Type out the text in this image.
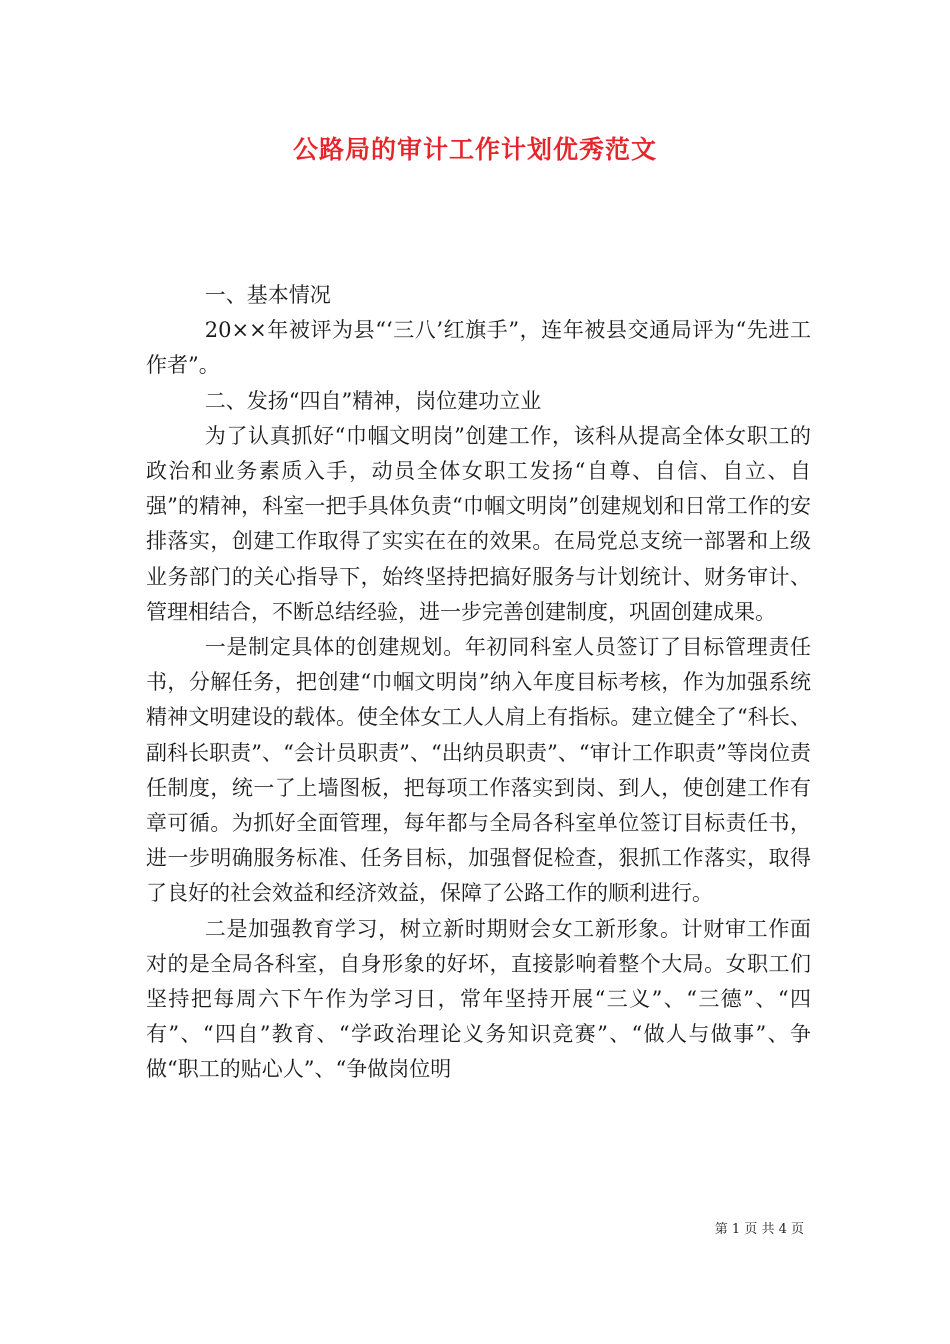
公路局的审计工作计划优秀范文

一、基本情况

20××年被评为县“‘三八’红旗手”，连年被县交通局评为“先进工作者”。

二、发扬“四自”精神，岗位建功立业

为了认真抓好“巾帼文明岗”创建工作，该科从提高全体女职工的政治和业务素质入手，动员全体女职工发扬“自尊、自信、自立、自强”的精神，科室一把手具体负责“巾帼文明岗”创建规划和日常工作的安排落实，创建工作取得了实实在在的效果。在局党总支统一部署和上级业务部门的关心指导下，始终坚持把搞好服务与计划统计、财务审计、管理相结合，不断总结经验，进一步完善创建制度，巩固创建成果。

一是制定具体的创建规划。年初同科室人员签订了目标管理责任书，分解任务，把创建“巾帼文明岗”纳入年度目标考核，作为加强系统精神文明建设的载体。使全体女工人人肩上有指标。建立健全了“科长、副科长职责”、“会计员职责”、“出纳员职责”、“审计工作职责”等岗位责任制度，统一了上墙图板，把每项工作落实到岗、到人，使创建工作有章可循。为抓好全面管理，每年都与全局各科室单位签订目标责任书，进一步明确服务标准、任务目标，加强督促检查，狠抓工作落实，取得了良好的社会效益和经济效益，保障了公路工作的顺利进行。

二是加强教育学习，树立新时期财会女工新形象。计财审工作面对的是全局各科室，自身形象的好坏，直接影响着整个大局。女职工们坚持把每周六下午作为学习日，常年坚持开展“三义”、“三德”、“四有”、“四自”教育、“学政治理论义务知识竞赛”、“做人与做事”、争做“职工的贴心人”、“争做岗位明

第 1 页 共 4 页
